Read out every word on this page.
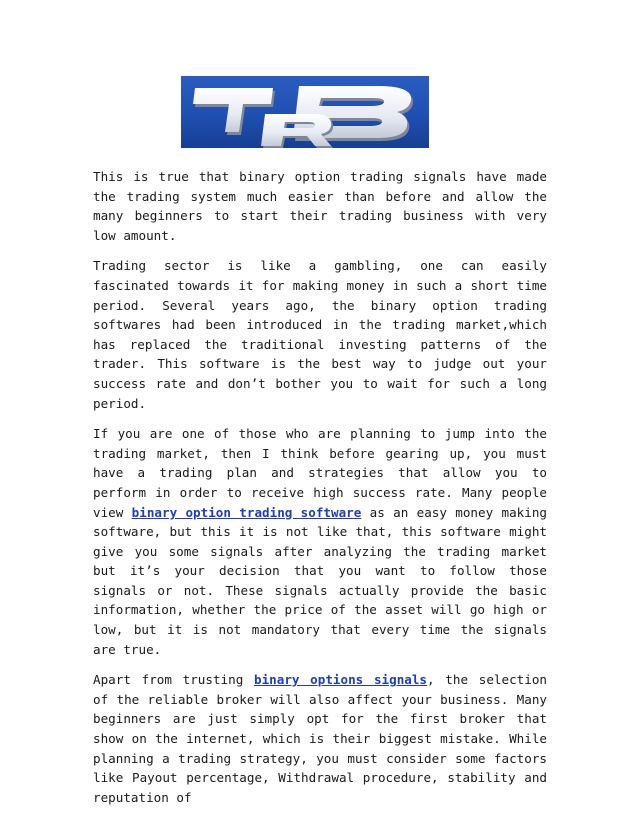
This is true that binary option trading signals have made the trading system much easier than before and allow the many beginners to start their trading business with very low amount.

Trading sector is like a gambling, one can easily fascinated towards it for making money in such a short time period. Several years ago, the binary option trading softwares had been introduced in the trading market,which has replaced the traditional investing patterns of the trader. This software is the best way to judge out your success rate and don’t bother you to wait for such a long period.

If you are one of those who are planning to jump into the trading market, then I think before gearing up, you must have a trading plan and strategies that allow you to perform in order to receive high success rate. Many people view binary option trading software as an easy money making software, but this it is not like that, this software might give you some signals after analyzing the trading market but it’s your decision that you want to follow those signals or not. These signals actually provide the basic information, whether the price of the asset will go high or low, but it is not mandatory that every time the signals are true.

Apart from trusting binary options signals, the selection of the reliable broker will also affect your business. Many beginners are just simply opt for the first broker that show on the internet, which is their biggest mistake. While planning a trading strategy, you must consider some factors like Payout percentage, Withdrawal procedure, stability and reputation of
